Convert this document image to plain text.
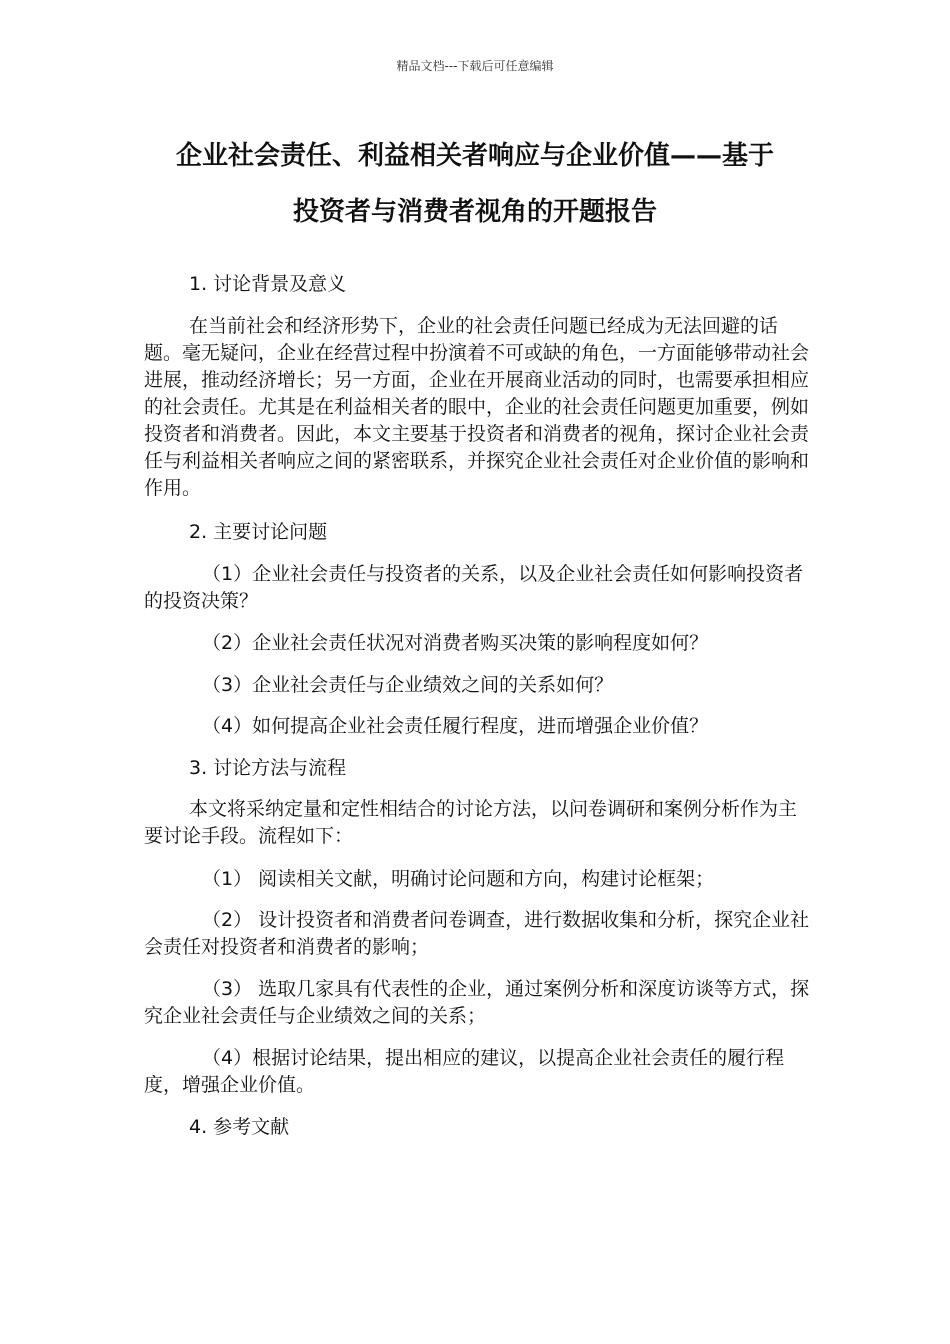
精品文档---下载后可任意编辑
企业社会责任、利益相关者响应与企业价值——基于
投资者与消费者视角的开题报告
1. 讨论背景及意义
在当前社会和经济形势下，企业的社会责任问题已经成为无法回避的话题。毫无疑问，企业在经营过程中扮演着不可或缺的角色，一方面能够带动社会进展，推动经济增长；另一方面，企业在开展商业活动的同时，也需要承担相应的社会责任。尤其是在利益相关者的眼中，企业的社会责任问题更加重要，例如投资者和消费者。因此，本文主要基于投资者和消费者的视角，探讨企业社会责任与利益相关者响应之间的紧密联系，并探究企业社会责任对企业价值的影响和作用。
2. 主要讨论问题
（1）企业社会责任与投资者的关系，以及企业社会责任如何影响投资者的投资决策？
（2）企业社会责任状况对消费者购买决策的影响程度如何？
（3）企业社会责任与企业绩效之间的关系如何？
（4）如何提高企业社会责任履行程度，进而增强企业价值？
3. 讨论方法与流程
本文将采纳定量和定性相结合的讨论方法，以问卷调研和案例分析作为主要讨论手段。流程如下：
（1） 阅读相关文献，明确讨论问题和方向，构建讨论框架；
（2） 设计投资者和消费者问卷调查，进行数据收集和分析，探究企业社会责任对投资者和消费者的影响；
（3） 选取几家具有代表性的企业，通过案例分析和深度访谈等方式，探究企业社会责任与企业绩效之间的关系；
（4）根据讨论结果，提出相应的建议，以提高企业社会责任的履行程度，增强企业价值。
4. 参考文献
